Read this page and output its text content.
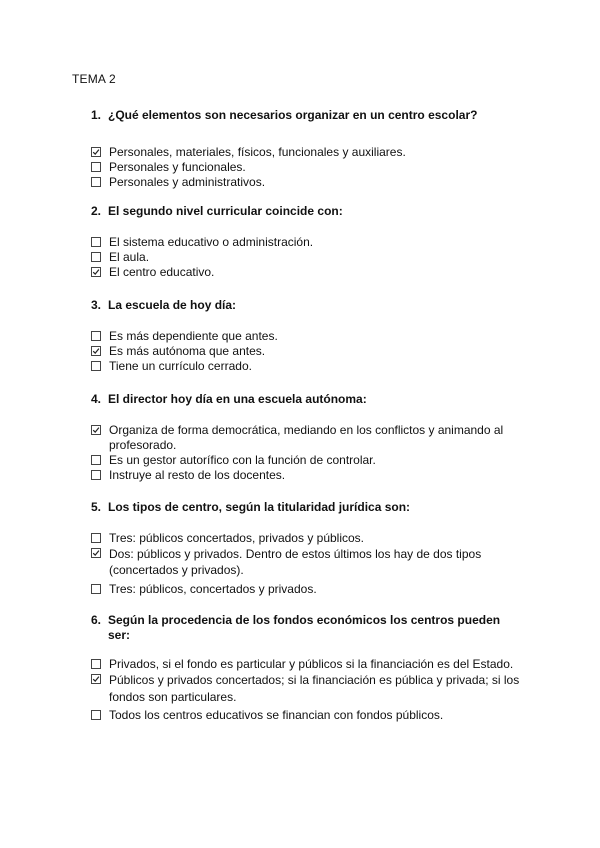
TEMA 2
1. ¿Qué elementos son necesarios organizar en un centro escolar?
Personales, materiales, físicos, funcionales y auxiliares.
Personales y funcionales.
Personales y administrativos.
2. El segundo nivel curricular coincide con:
El sistema educativo o administración.
El aula.
El centro educativo.
3. La escuela de hoy día:
Es más dependiente que antes.
Es más autónoma que antes.
Tiene un currículo cerrado.
4. El director hoy día en una escuela autónoma:
Organiza de forma democrática, mediando en los conflictos y animando al profesorado.
Es un gestor autorífico con la función de controlar.
Instruye al resto de los docentes.
5. Los tipos de centro, según la titularidad jurídica son:
Tres: públicos concertados, privados y públicos.
Dos: públicos y privados. Dentro de estos últimos los hay de dos tipos (concertados y privados).
Tres: públicos, concertados y privados.
6. Según la procedencia de los fondos económicos los centros pueden ser:
Privados, si el fondo es particular y públicos si la financiación es del Estado.
Públicos y privados concertados; si la financiación es pública y privada; si los fondos son particulares.
Todos los centros educativos se financian con fondos públicos.
